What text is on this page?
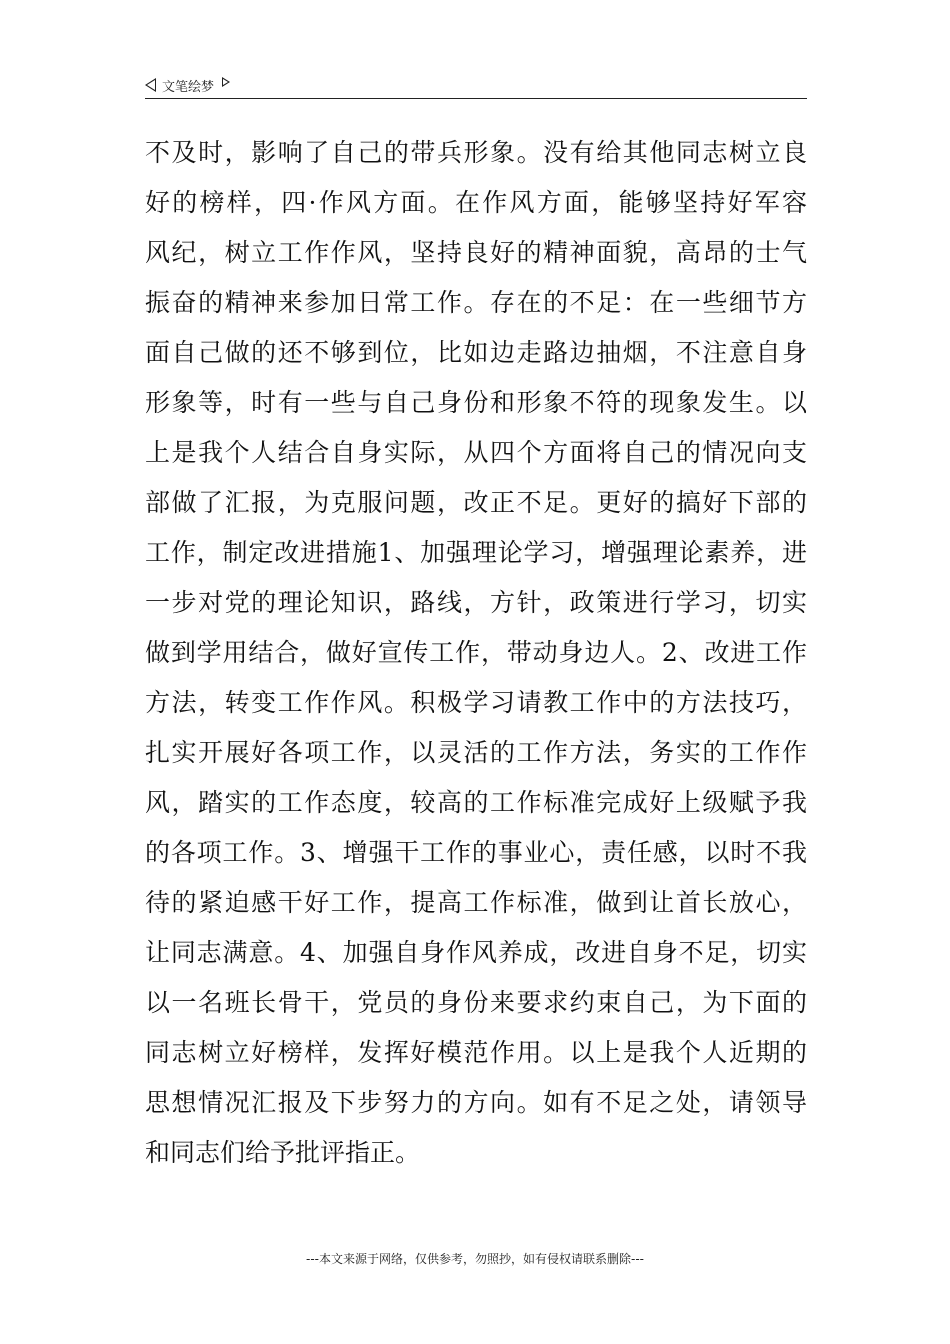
文笔绘梦
不及时，影响了自己的带兵形象。没有给其他同志树立良
好的榜样，四·作风方面。在作风方面，能够坚持好军容
风纪，树立工作作风，坚持良好的精神面貌，高昂的士气
振奋的精神来参加日常工作。存在的不足：在一些细节方
面自己做的还不够到位，比如边走路边抽烟，不注意自身
形象等，时有一些与自己身份和形象不符的现象发生。以
上是我个人结合自身实际，从四个方面将自己的情况向支
部做了汇报，为克服问题，改正不足。更好的搞好下部的
工作，制定改进措施1、加强理论学习，增强理论素养，进
一步对党的理论知识，路线，方针，政策进行学习，切实
做到学用结合，做好宣传工作，带动身边人。2、改进工作
方法，转变工作作风。积极学习请教工作中的方法技巧，
扎实开展好各项工作，以灵活的工作方法，务实的工作作
风，踏实的工作态度，较高的工作标准完成好上级赋予我
的各项工作。3、增强干工作的事业心，责任感，以时不我
待的紧迫感干好工作，提高工作标准，做到让首长放心，
让同志满意。4、加强自身作风养成，改进自身不足，切实
以一名班长骨干，党员的身份来要求约束自己，为下面的
同志树立好榜样，发挥好模范作用。以上是我个人近期的
思想情况汇报及下步努力的方向。如有不足之处，请领导
和同志们给予批评指正。
---本文来源于网络，仅供参考，勿照抄，如有侵权请联系删除---
